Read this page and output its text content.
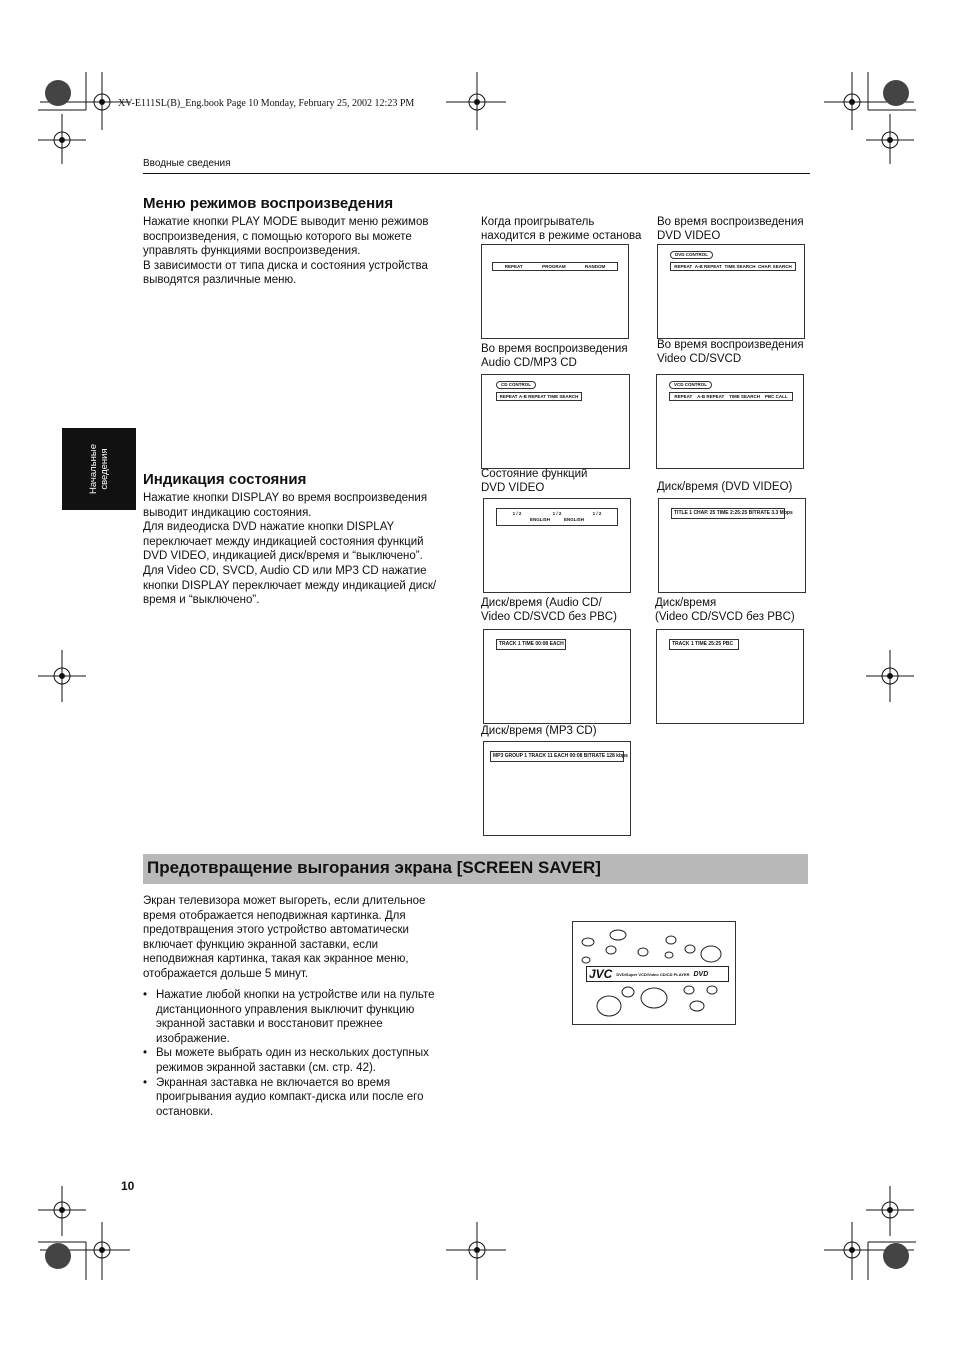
XV-E111SL(B)_Eng.book Page 10 Monday, February 25, 2002 12:23 PM
Вводные сведения
Начальные
сведения
Меню режимов воспроизведения
Нажатие кнопки PLAY MODE выводит меню режимов
воспроизведения, с помощью которого вы можете
управлять функциями воспроизведения.
В зависимости от типа диска и состояния устройства
выводятся различные меню.
Индикация состояния
Нажатие кнопки DISPLAY во время воспроизведения
выводит индикацию состояния.
Для видеодиска DVD нажатие кнопки DISPLAY
переключает между индикацией состояния функций
DVD VIDEO, индикацией диск/время и “выключено”.
Для Video CD, SVCD, Audio CD или MP3 CD нажатие
кнопки DISPLAY переключает между индикацией диск/
время и “выключено”.
Когда проигрыватель
находится в режиме останова
REPEAT	PROGRAM	RANDOM
Во время воспроизведения
DVD VIDEO
DVD CONTROL
REPEAT A-B REPEAT TIME SEARCH CHAP. SEARCH
Во время воспроизведения
Audio CD/MP3 CD
CD CONTROL
REPEAT A-B REPEAT TIME SEARCH
Во время воспроизведения
Video CD/SVCD
VCD CONTROL
REPEAT A-B REPEAT TIME SEARCH PBC CALL
Состояние функций
DVD VIDEO
1 / 2	1 / 2	1 / 2
ENGLISH	ENGLISH
Диск/время (DVD VIDEO)
TITLE 1 CHAP. 25 TIME 2:25:25 BITRATE 3.3 Mbps
Диск/время (Audio CD/
Video CD/SVCD без PBC)
TRACK 1 TIME 00:08 EACH
Диск/время
(Video CD/SVCD без PBC)
TRACK 1 TIME 25:25 PBC
Диск/время (MP3 CD)
MP3 GROUP 1 TRACK 11 EACH 00:08 BITRATE 128 kbps
Предотвращение выгорания экрана [SCREEN SAVER]
Экран телевизора может выгореть, если длительное
время отображается неподвижная картинка. Для
предотвращения этого устройство автоматически
включает функцию экранной заставки, если
неподвижная картинка, такая как экранное меню,
отображается дольше 5 минут.
• Нажатие любой кнопки на устройстве или на пульте дистанционного управления выключит функцию экранной заставки и восстановит прежнее изображение.
• Вы можете выбрать один из нескольких доступных режимов экранной заставки (см. стр. 42).
• Экранная заставка не включается во время проигрывания аудио компакт-диска или после его остановки.
JVC DVD/Super VCD/Video CD/CD PLAYER DVD
10
